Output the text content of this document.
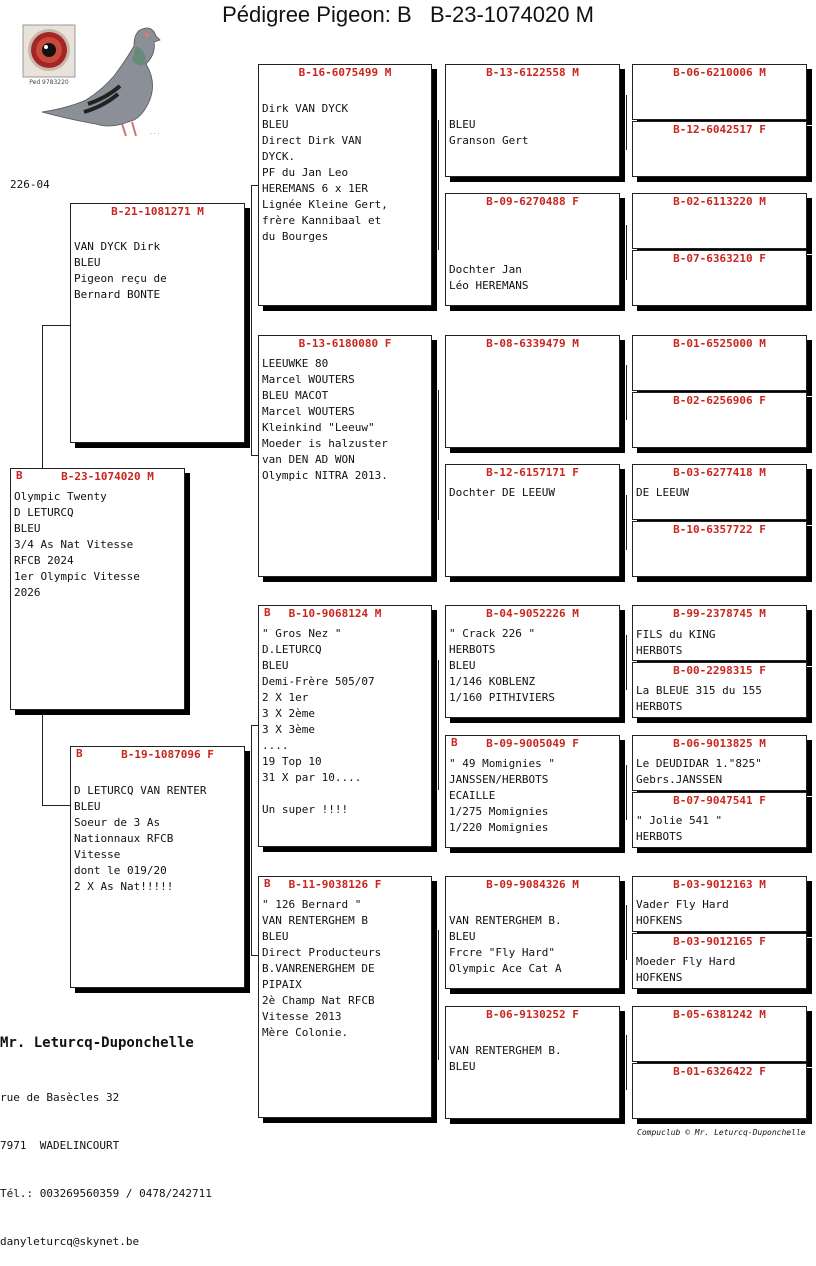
Pédigree Pigeon: B   B-23-1074020 M
Ped 9783220
. . .
226-04
B	B-23-1074020 M
Olympic Twenty
D LETURCQ
BLEU
3/4 As Nat Vitesse
RFCB 2024
1er Olympic Vitesse
2026
B-21-1081271 M
VAN DYCK Dirk
BLEU
Pigeon reçu de
Bernard BONTE
B	B-19-1087096 F
D LETURCQ VAN RENTER
BLEU
Soeur de 3 As
Nationnaux RFCB
Vitesse
dont le 019/20
2 X As Nat!!!!!
B-16-6075499 M
Dirk VAN DYCK
BLEU
Direct Dirk VAN
DYCK.
PF du Jan Leo
HEREMANS 6 x 1ER
Lignée Kleine Gert,
frère Kannibaal et
du Bourges
B-13-6180080 F
LEEUWKE 80
Marcel WOUTERS
BLEU MACOT
Marcel WOUTERS
Kleinkind "Leeuw"
Moeder is halzuster
van DEN AD WON
Olympic NITRA 2013.
B	B-10-9068124 M
" Gros Nez "
D.LETURCQ
BLEU
Demi-Frère 505/07
2 X 1er
3 X 2ème
3 X 3ème
....
19 Top 10
31 X par 10....

Un super !!!!
B	B-11-9038126 F
" 126 Bernard "
VAN RENTERGHEM B
BLEU
Direct Producteurs
B.VANRENERGHEM DE
PIPAIX
2è Champ Nat RFCB
Vitesse 2013
Mère Colonie.
B-13-6122558 M
BLEU
Granson Gert
B-09-6270488 F
Dochter Jan
Léo HEREMANS
B-08-6339479 M
B-12-6157171 F
Dochter DE LEEUW
B-04-9052226 M
" Crack 226 "
HERBOTS
BLEU
1/146 KOBLENZ
1/160 PITHIVIERS
B	B-09-9005049 F
" 49 Momignies "
JANSSEN/HERBOTS
ECAILLE
1/275 Momignies
1/220 Momignies
B-09-9084326 M
VAN RENTERGHEM B.
BLEU
Frcre "Fly Hard"
Olympic Ace Cat A
B-06-9130252 F
VAN RENTERGHEM B.
BLEU
B-06-6210006 M
B-12-6042517 F
B-02-6113220 M
B-07-6363210 F
B-01-6525000 M
B-02-6256906 F
B-03-6277418 M
DE LEEUW
B-10-6357722 F
B-99-2378745 M
FILS du KING
HERBOTS
B-00-2298315 F
La BLEUE 315 du 155
HERBOTS
B-06-9013825 M
Le DEUDIDAR 1."825"
Gebrs.JANSSEN
B-07-9047541 F
" Jolie 541 "
HERBOTS
B-03-9012163 M
Vader Fly Hard
HOFKENS
B-03-9012165 F
Moeder Fly Hard
HOFKENS
B-05-6381242 M
B-01-6326422 F
Mr. Leturcq-Duponchelle

rue de Basècles 32

7971  WADELINCOURT

Tél.: 003269560359 / 0478/242711

danyleturcq@skynet.be

Compuclub © Mr. Leturcq-Duponchelle
